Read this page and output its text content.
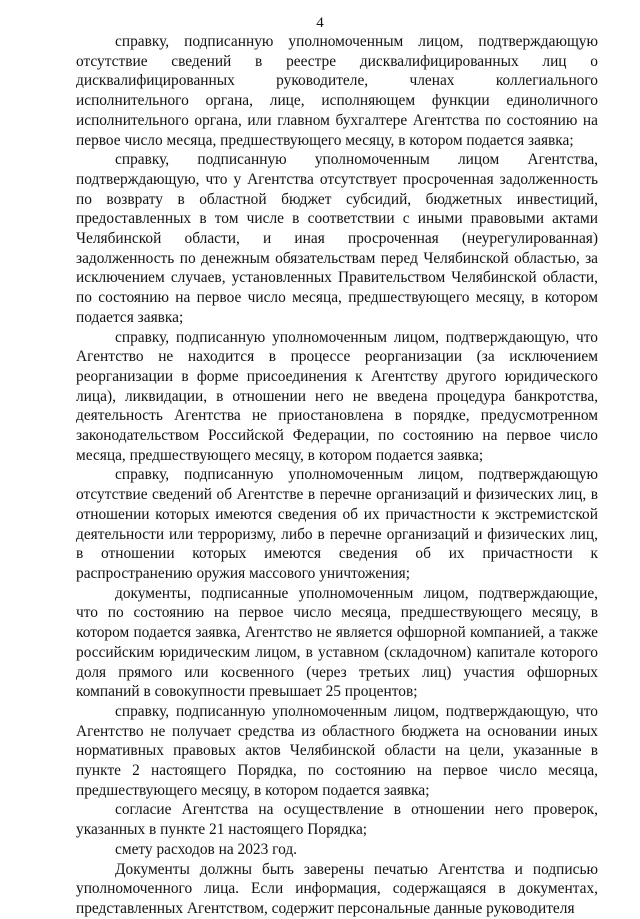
4

справку, подписанную уполномоченным лицом, подтверждающую отсутствие сведений в реестре дисквалифицированных лиц о дисквалифицированных руководителе, членах коллегиального исполнительного органа, лице, исполняющем функции единоличного исполнительного органа, или главном бухгалтере Агентства по состоянию на первое число месяца, предшествующего месяцу, в котором подается заявка;

справку, подписанную уполномоченным лицом Агентства, подтверждающую, что у Агентства отсутствует просроченная задолженность по возврату в областной бюджет субсидий, бюджетных инвестиций, предоставленных в том числе в соответствии с иными правовыми актами Челябинской области, и иная просроченная (неурегулированная) задолженность по денежным обязательствам перед Челябинской областью, за исключением случаев, установленных Правительством Челябинской области, по состоянию на первое число месяца, предшествующего месяцу, в котором подается заявка;

справку, подписанную уполномоченным лицом, подтверждающую, что Агентство не находится в процессе реорганизации (за исключением реорганизации в форме присоединения к Агентству другого юридического лица), ликвидации, в отношении него не введена процедура банкротства, деятельность Агентства не приостановлена в порядке, предусмотренном законодательством Российской Федерации, по состоянию на первое число месяца, предшествующего месяцу, в котором подается заявка;

справку, подписанную уполномоченным лицом, подтверждающую отсутствие сведений об Агентстве в перечне организаций и физических лиц, в отношении которых имеются сведения об их причастности к экстремистской деятельности или терроризму, либо в перечне организаций и физических лиц, в отношении которых имеются сведения об их причастности к распространению оружия массового уничтожения;

документы, подписанные уполномоченным лицом, подтверждающие, что по состоянию на первое число месяца, предшествующего месяцу, в котором подается заявка, Агентство не является офшорной компанией, а также российским юридическим лицом, в уставном (складочном) капитале которого доля прямого или косвенного (через третьих лиц) участия офшорных компаний в совокупности превышает 25 процентов;

справку, подписанную уполномоченным лицом, подтверждающую, что Агентство не получает средства из областного бюджета на основании иных нормативных правовых актов Челябинской области на цели, указанные в пункте 2 настоящего Порядка, по состоянию на первое число месяца, предшествующего месяцу, в котором подается заявка;

согласие Агентства на осуществление в отношении него проверок, указанных в пункте 21 настоящего Порядка;

смету расходов на 2023 год.

Документы должны быть заверены печатью Агентства и подписью уполномоченного лица. Если информация, содержащаяся в документах, представленных Агентством, содержит персональные данные руководителя
